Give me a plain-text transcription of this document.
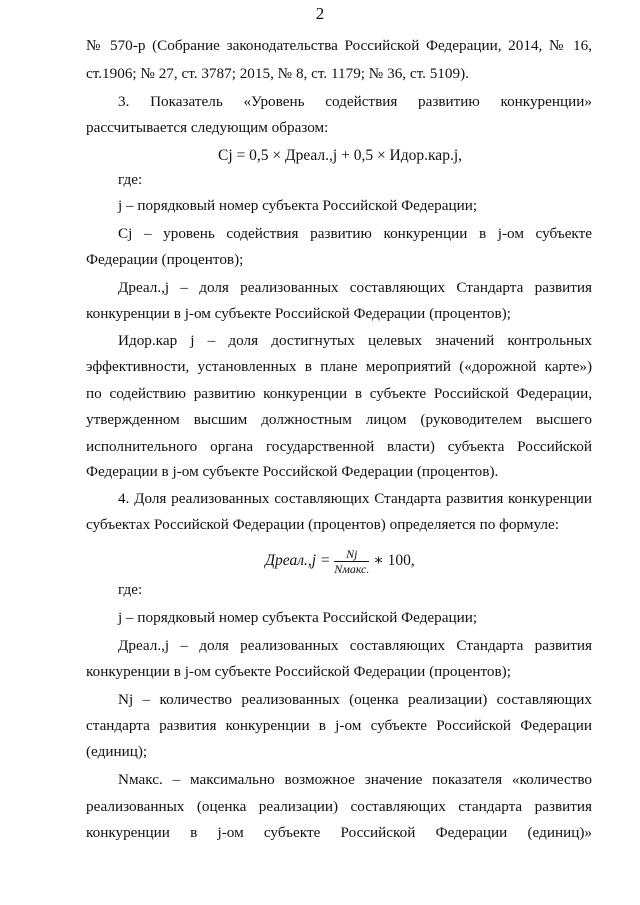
2
№ 570-р (Собрание законодательства Российской Федерации, 2014, № 16,
ст.1906; № 27, ст. 3787; 2015, № 8, ст. 1179; № 36, ст. 5109).
3. Показатель «Уровень содействия развитию конкуренции»
рассчитывается следующим образом:
Cj = 0,5 × Дреал.,j + 0,5 × Идор.кар.j,
где:
j – порядковый номер субъекта Российской Федерации;
Cj – уровень содействия развитию конкуренции в j-ом субъекте
Федерации (процентов);
Дреал.,j – доля реализованных составляющих Стандарта развития
конкуренции в j-ом субъекте Российской Федерации (процентов);
Идор.кар j – доля достигнутых целевых значений контрольных
эффективности, установленных в плане мероприятий («дорожной карте»)
по содействию развитию конкуренции в субъекте Российской Федерации,
утвержденном высшим должностным лицом (руководителем высшего
исполнительного органа государственной власти) субъекта Российской
Федерации в j-ом субъекте Российской Федерации (процентов).
4. Доля реализованных составляющих Стандарта развития конкуренции
субъектах Российской Федерации (процентов) определяется по формуле:
Дреал.,j = $\frac{Nj}{\text{Nмакс.}}$ ∗ 100,
где:
j – порядковый номер субъекта Российской Федерации;
Дреал.,j – доля реализованных составляющих Стандарта развития
конкуренции в j-ом субъекте Российской Федерации (процентов);
Nj – количество реализованных (оценка реализации) составляющих
стандарта развития конкуренции в j-ом субъекте Российской Федерации
(единиц);
Nмакс. – максимально возможное значение показателя «количество
реализованных (оценка реализации) составляющих стандарта развития
конкуренции в j-ом субъекте Российской Федерации (единиц)»
